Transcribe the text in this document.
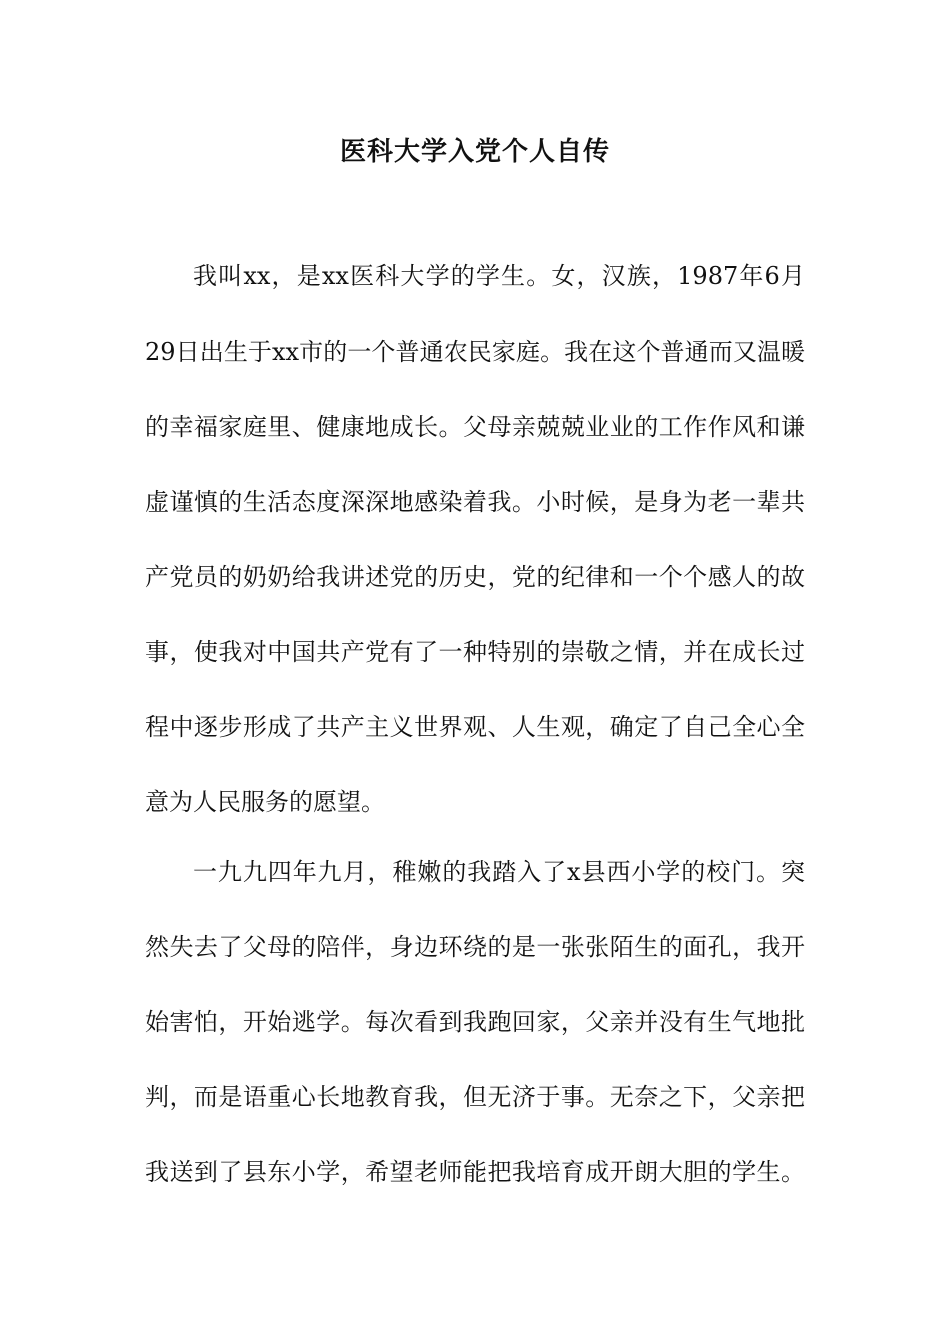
医科大学入党个人自传
我叫xx，是xx医科大学的学生。女，汉族，1987年6月
29日出生于xx市的一个普通农民家庭。我在这个普通而又温暖
的幸福家庭里、健康地成长。父母亲兢兢业业的工作作风和谦
虚谨慎的生活态度深深地感染着我。小时候，是身为老一辈共
产党员的奶奶给我讲述党的历史，党的纪律和一个个感人的故
事，使我对中国共产党有了一种特别的崇敬之情，并在成长过
程中逐步形成了共产主义世界观、人生观，确定了自己全心全
意为人民服务的愿望。
一九九四年九月，稚嫩的我踏入了x县西小学的校门。突
然失去了父母的陪伴，身边环绕的是一张张陌生的面孔，我开
始害怕，开始逃学。每次看到我跑回家，父亲并没有生气地批
判，而是语重心长地教育我，但无济于事。无奈之下，父亲把
我送到了县东小学，希望老师能把我培育成开朗大胆的学生。
